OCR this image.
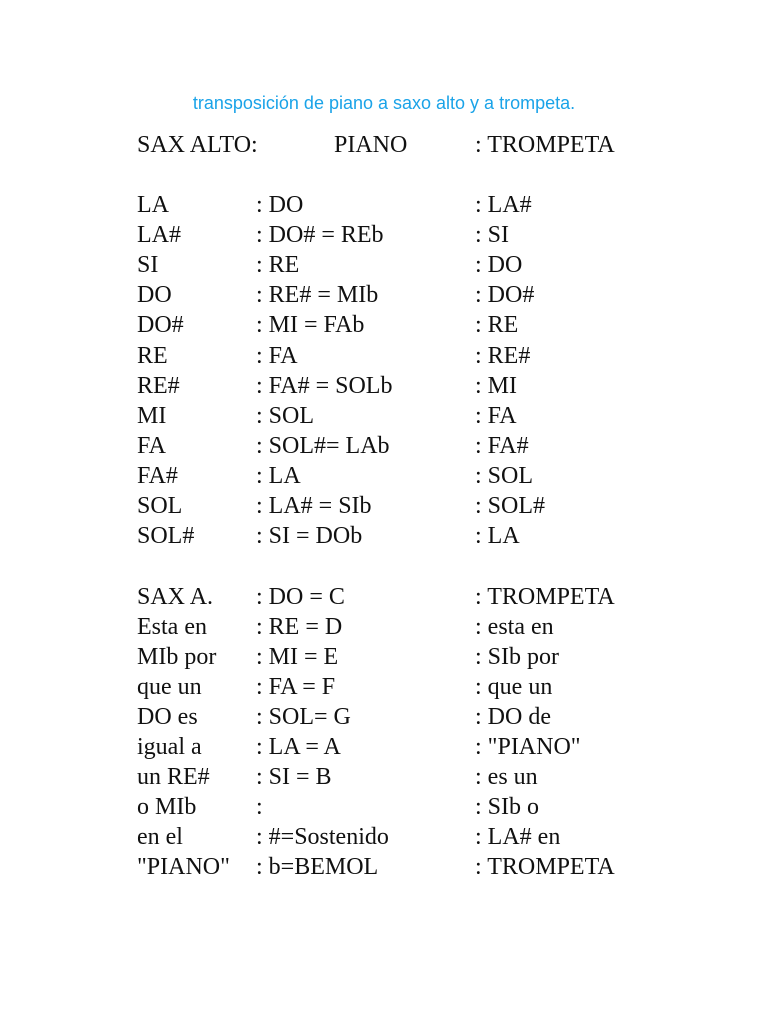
transposición de piano a saxo alto y a trompeta.
SAX ALTO:	PIANO	: TROMPETA
LA	: DO	: LA#
LA#	: DO# = REb	: SI
SI	: RE	: DO
DO	: RE# = MIb	: DO#
DO#	: MI = FAb	: RE
RE	: FA	: RE#
RE#	: FA# = SOLb	: MI
MI	: SOL	: FA
FA	: SOL#= LAb	: FA#
FA#	: LA	: SOL
SOL	: LA# = SIb	: SOL#
SOL#	: SI = DOb	: LA
SAX A. : DO = C	: TROMPETA
Esta en : RE = D	: esta en
MIb por : MI = E	: SIb por
que un : FA = F	: que un
DO es : SOL= G	: DO de
igual a : LA = A	: "PIANO"
un RE# : SI = B	: es un
o MIb :	: SIb o
en el	: #=Sostenido	: LA# en
"PIANO" : b=BEMOL	: TROMPETA
